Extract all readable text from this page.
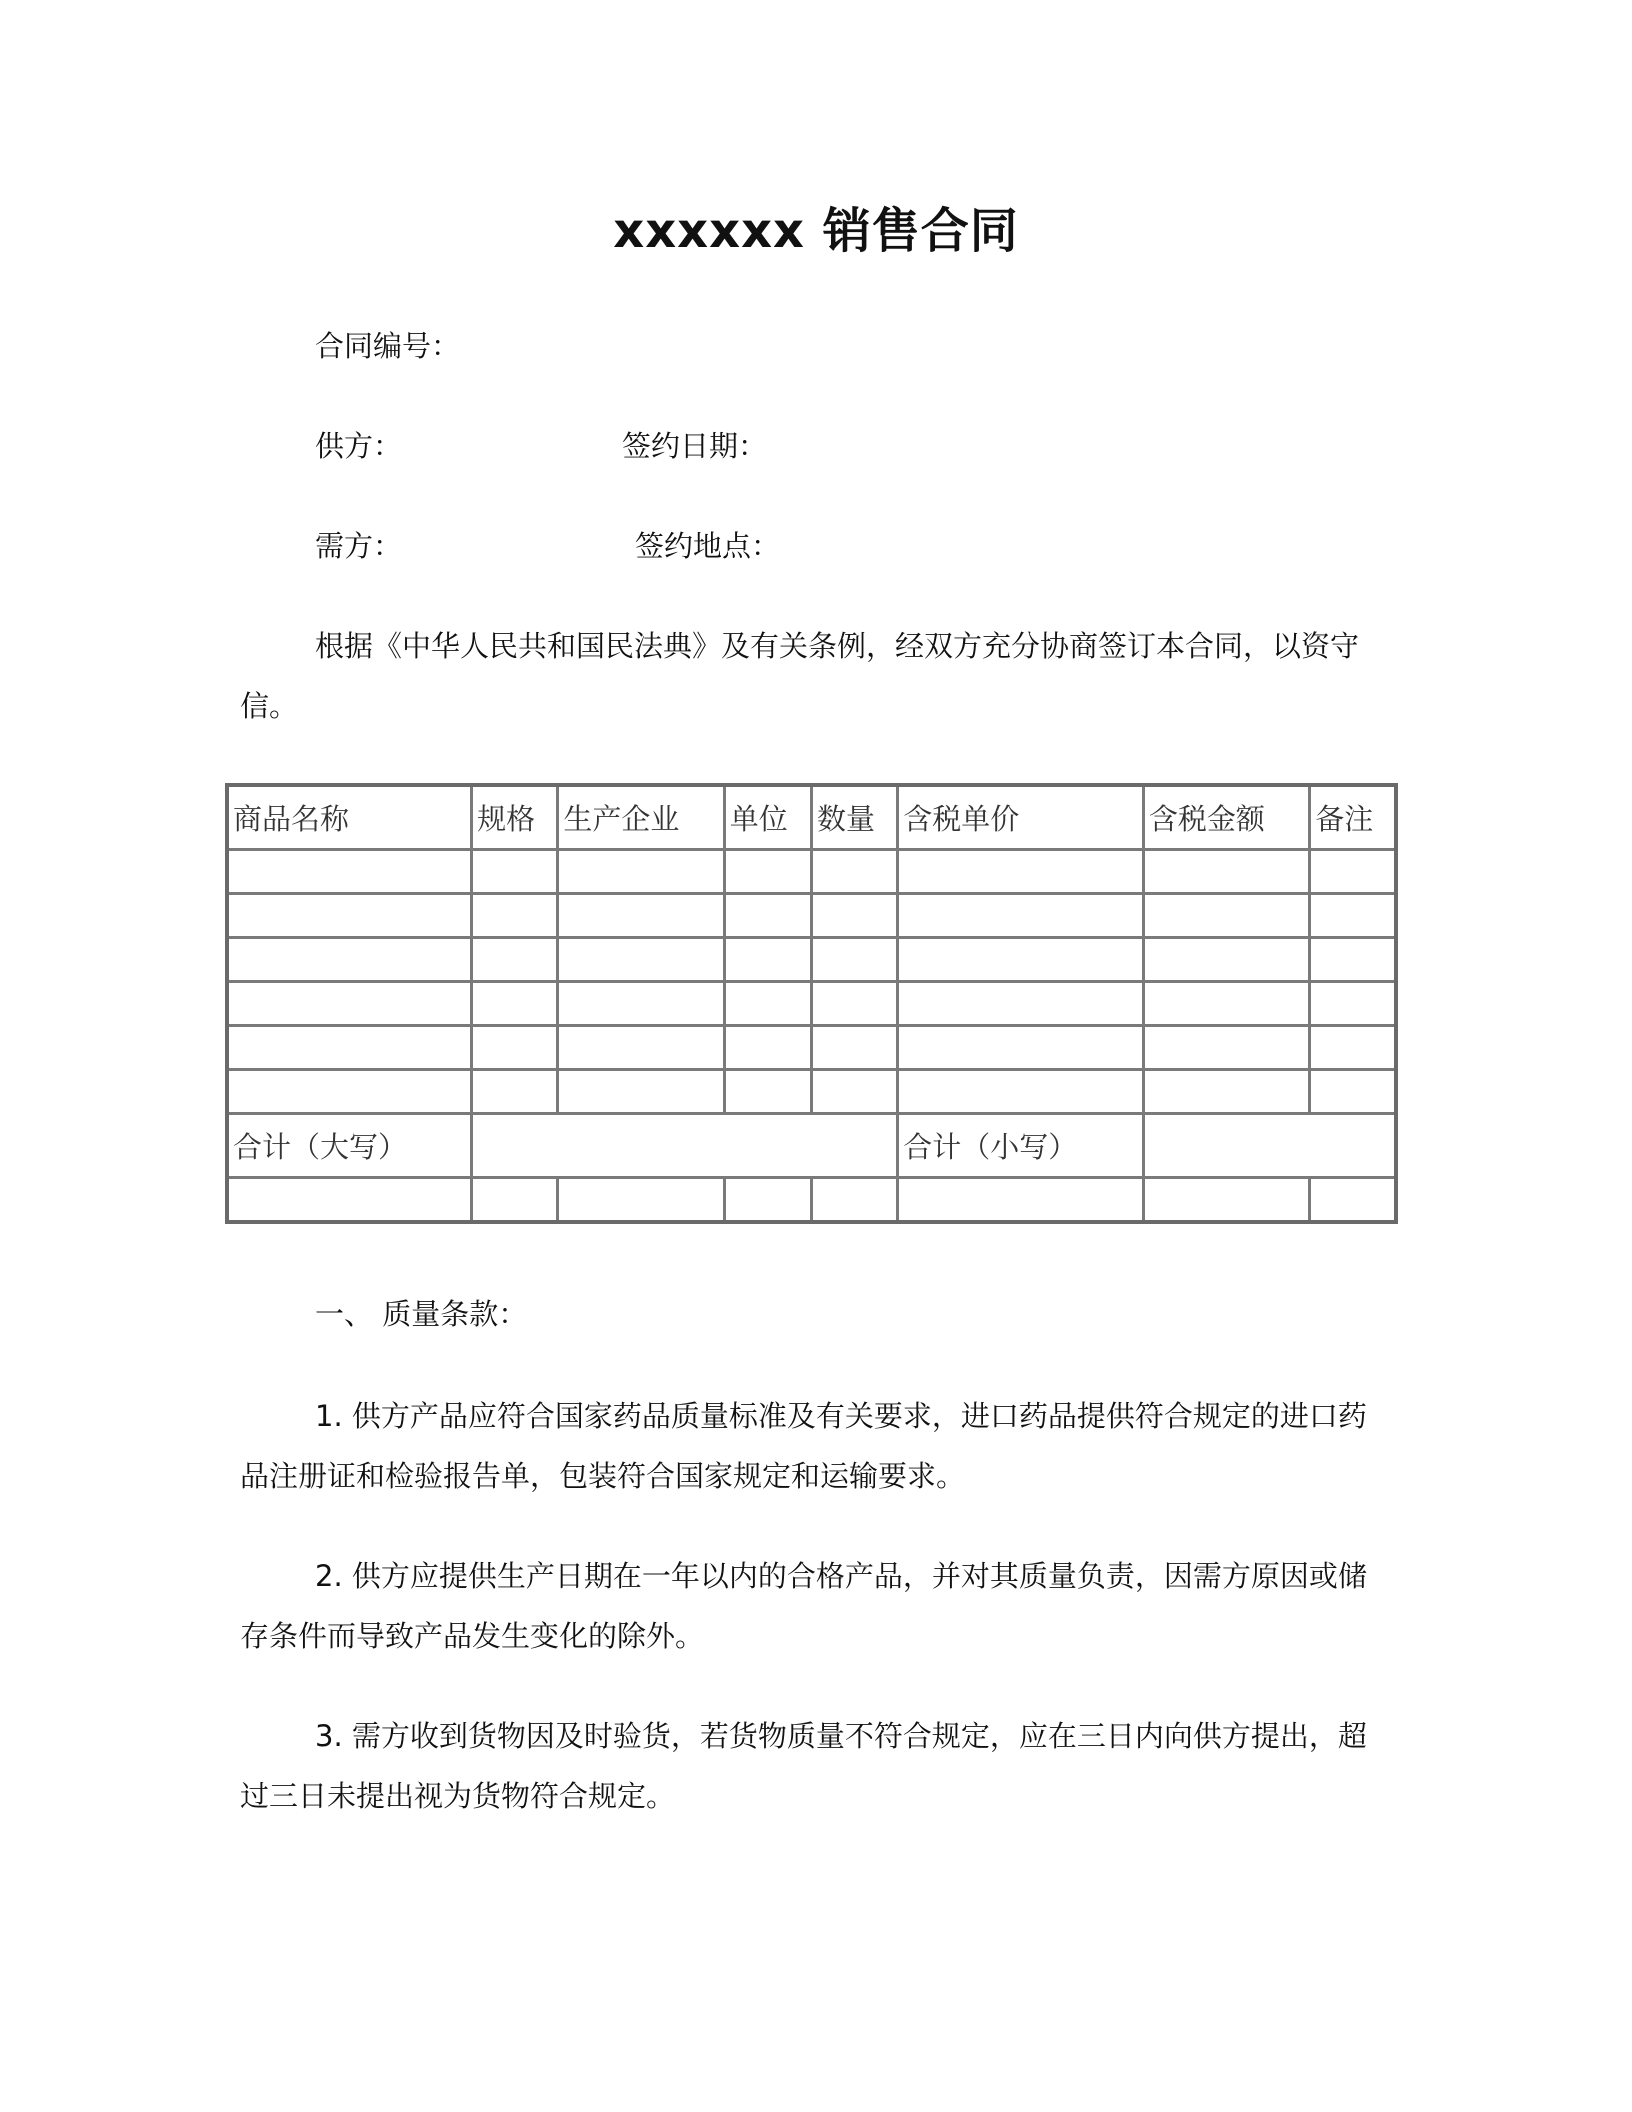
xxxxxx 销售合同
合同编号：
供方：	签约日期：
需方：	签约地点：
根据《中华人民共和国民法典》及有关条例，经双方充分协商签订本合同，以资守信。
商品名称	规格	生产企业	单位	数量	含税单价	含税金额	备注

合计（大写）					合计（小写）		

一、 质量条款：
1. 供方产品应符合国家药品质量标准及有关要求，进口药品提供符合规定的进口药品注册证和检验报告单，包装符合国家规定和运输要求。
2. 供方应提供生产日期在一年以内的合格产品，并对其质量负责，因需方原因或储存条件而导致产品发生变化的除外。
3. 需方收到货物因及时验货，若货物质量不符合规定，应在三日内向供方提出，超过三日未提出视为货物符合规定。
